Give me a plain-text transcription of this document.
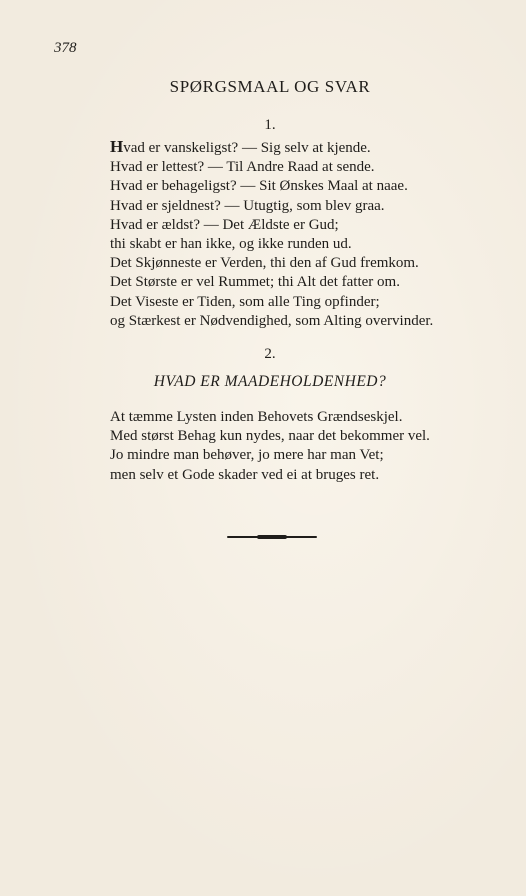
378
SPØRGSMAAL OG SVAR
1.
Hvad er vanskeligst? — Sig selv at kjende.
Hvad er lettest? — Til Andre Raad at sende.
Hvad er behageligst? — Sit Ønskes Maal at naae.
Hvad er sjeldnest? — Utugtig, som blev graa.
Hvad er ældst? — Det Ældste er Gud;
thi skabt er han ikke, og ikke runden ud.
Det Skjønneste er Verden, thi den af Gud fremkom.
Det Største er vel Rummet; thi Alt det fatter om.
Det Viseste er Tiden, som alle Ting opfinder;
og Stærkest er Nødvendighed, som Alting overvinder.
2.
HVAD ER MAADEHOLDENHED?
At tæmme Lysten inden Behovets Grændseskjel.
Med størst Behag kun nydes, naar det bekommer vel.
Jo mindre man behøver, jo mere har man Vet;
men selv et Gode skader ved ei at bruges ret.
